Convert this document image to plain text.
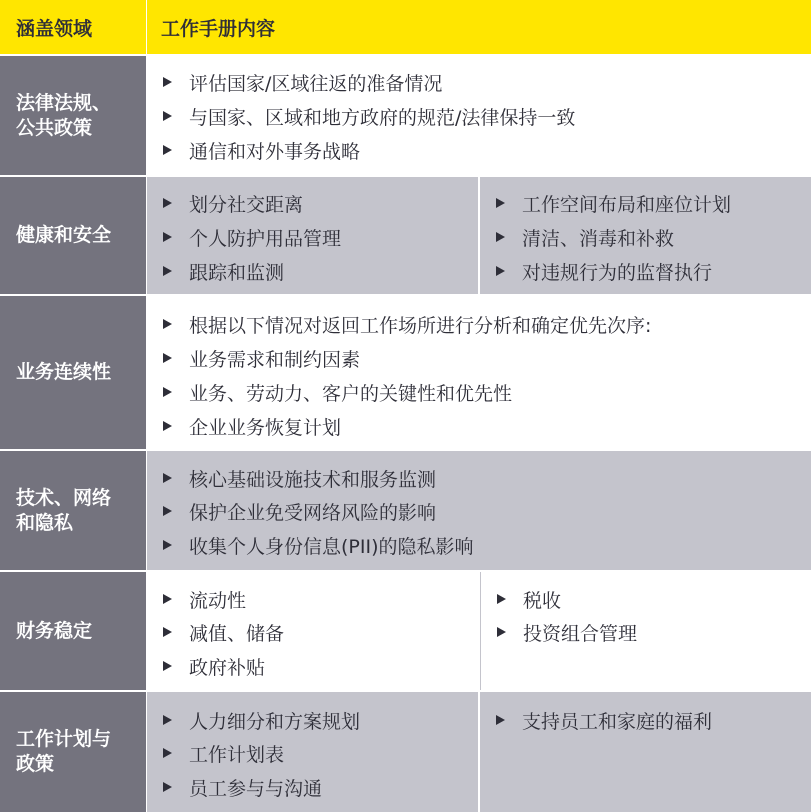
涵盖领域	工作手册内容
法律法规、
公共政策
评估国家/区域往返的准备情况
与国家、区域和地方政府的规范/法律保持一致
通信和对外事务战略
健康和安全
划分社交距离
个人防护用品管理
跟踪和监测
工作空间布局和座位计划
清洁、消毒和补救
对违规行为的监督执行
业务连续性
根据以下情况对返回工作场所进行分析和确定优先次序:
业务需求和制约因素
业务、劳动力、客户的关键性和优先性
企业业务恢复计划
技术、网络
和隐私
核心基础设施技术和服务监测
保护企业免受网络风险的影响
收集个人身份信息(PII)的隐私影响
财务稳定
流动性
减值、储备
政府补贴
税收
投资组合管理
工作计划与
政策
人力细分和方案规划
工作计划表
员工参与与沟通
支持员工和家庭的福利
